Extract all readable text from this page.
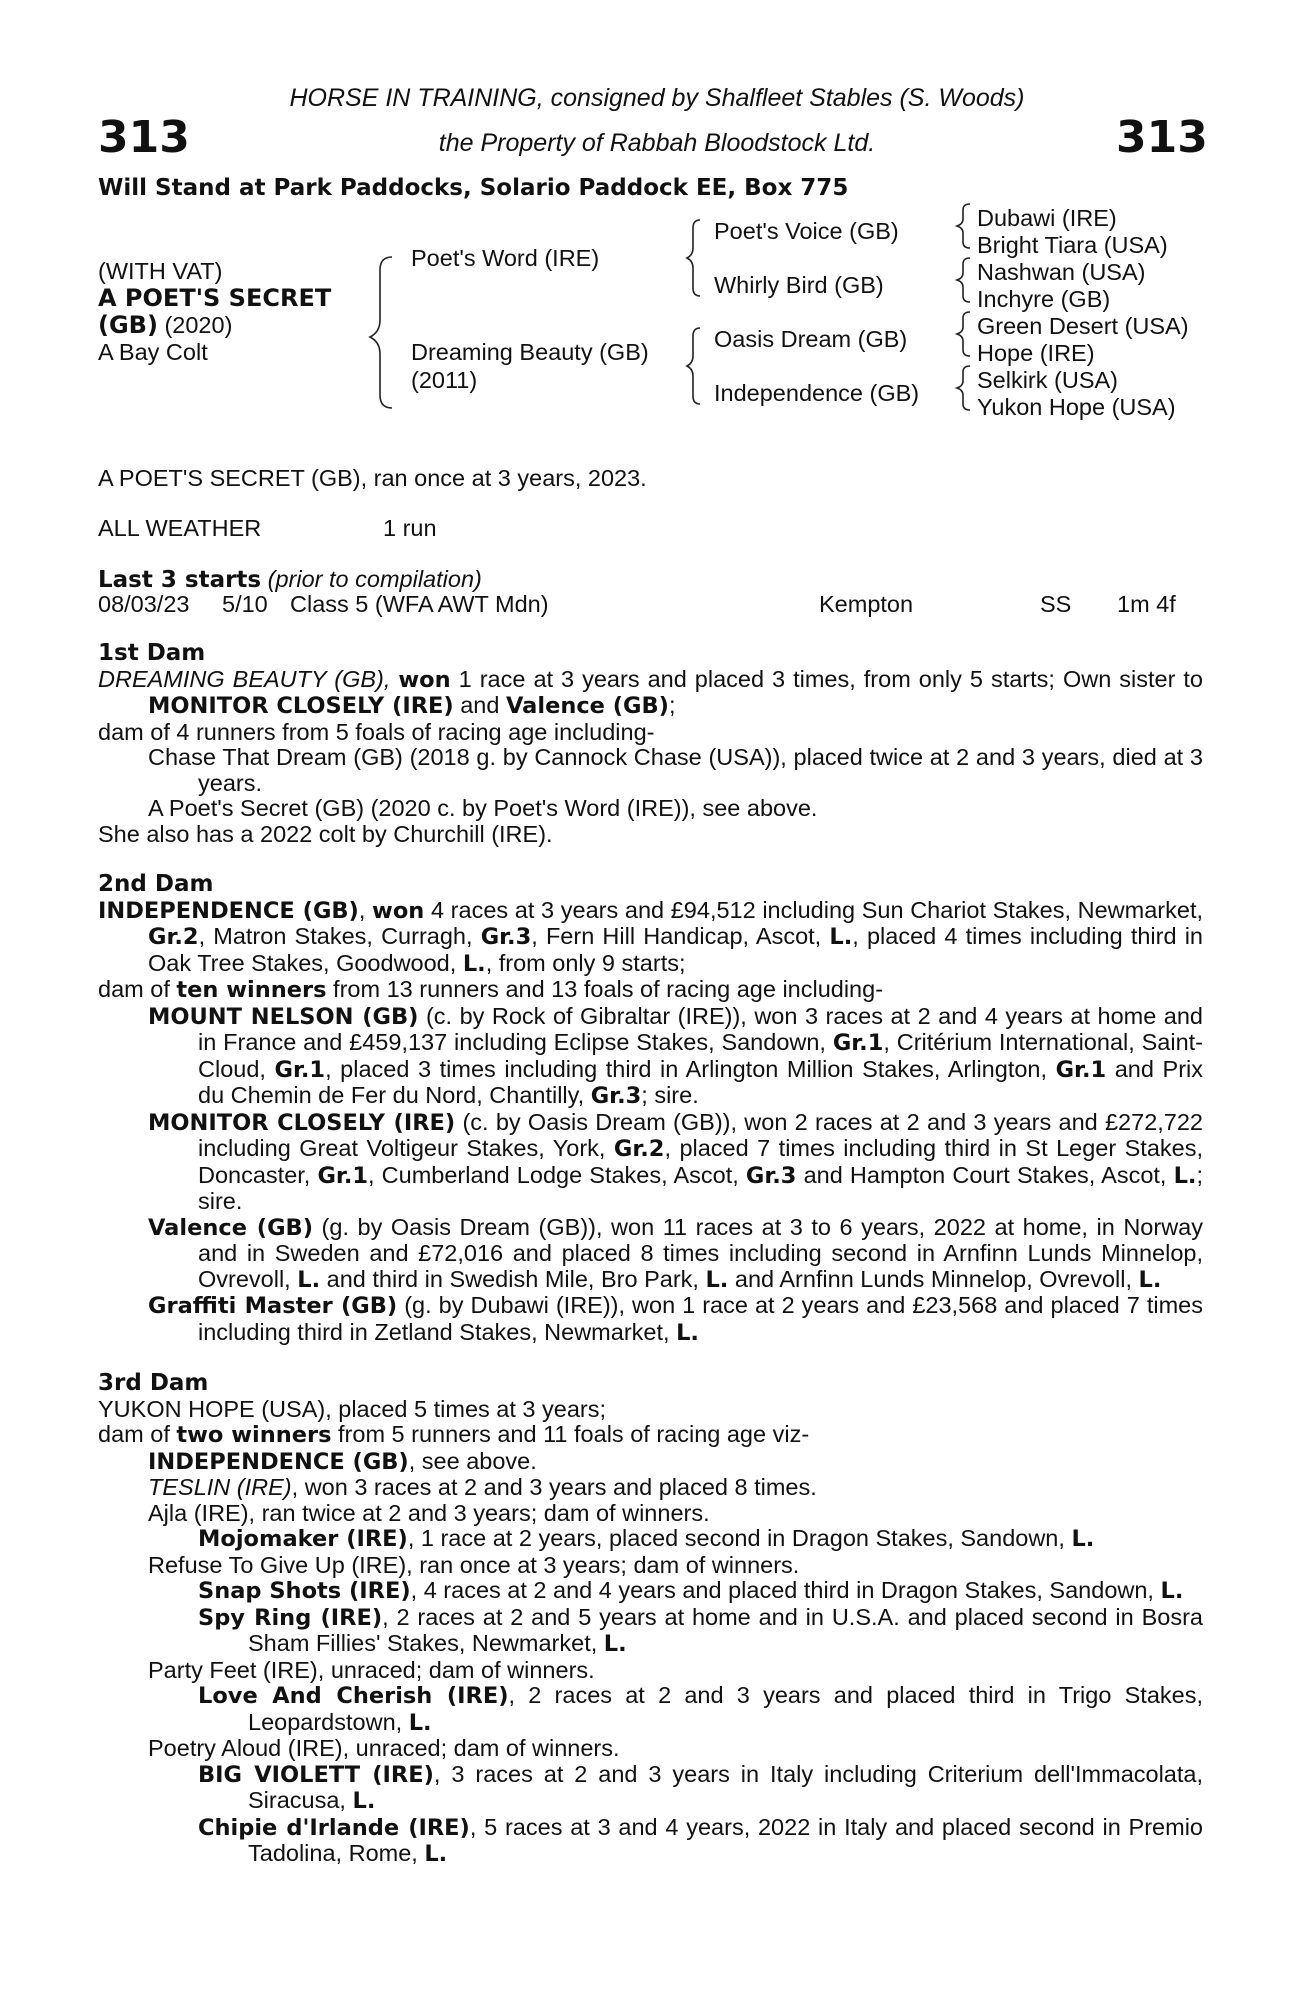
HORSE IN TRAINING, consigned by Shalfleet Stables (S. Woods)
the Property of Rabbah Bloodstock Ltd.
313	313
Will Stand at Park Paddocks, Solario Paddock EE, Box 775
(WITH VAT)
A POET'S SECRET
(GB) (2020)
A Bay Colt
Poet's Word (IRE)
Dreaming Beauty (GB)
(2011)
Poet's Voice (GB)
Whirly Bird (GB)
Oasis Dream (GB)
Independence (GB)
Dubawi (IRE)
Bright Tiara (USA)
Nashwan (USA)
Inchyre (GB)
Green Desert (USA)
Hope (IRE)
Selkirk (USA)
Yukon Hope (USA)
A POET'S SECRET (GB), ran once at 3 years, 2023.
ALL WEATHER	1 run
Last 3 starts (prior to compilation)
08/03/23 5/10 Class 5 (WFA AWT Mdn)	Kempton	SS 1m 4f
1st Dam

DREAMING BEAUTY (GB), won 1 race at 3 years and placed 3 times, from only 5 starts; Own sister to MONITOR CLOSELY (IRE) and Valence (GB);

dam of 4 runners from 5 foals of racing age including-

Chase That Dream (GB) (2018 g. by Cannock Chase (USA)), placed twice at 2 and 3 years, died at 3 years.

A Poet's Secret (GB) (2020 c. by Poet's Word (IRE)), see above.

She also has a 2022 colt by Churchill (IRE).

2nd Dam

INDEPENDENCE (GB), won 4 races at 3 years and £94,512 including Sun Chariot Stakes, Newmarket, Gr.2, Matron Stakes, Curragh, Gr.3, Fern Hill Handicap, Ascot, L., placed 4 times including third in Oak Tree Stakes, Goodwood, L., from only 9 starts;

dam of ten winners from 13 runners and 13 foals of racing age including-

MOUNT NELSON (GB) (c. by Rock of Gibraltar (IRE)), won 3 races at 2 and 4 years at home and in France and £459,137 including Eclipse Stakes, Sandown, Gr.1, Critérium International, Saint-Cloud, Gr.1, placed 3 times including third in Arlington Million Stakes, Arlington, Gr.1 and Prix du Chemin de Fer du Nord, Chantilly, Gr.3; sire.

MONITOR CLOSELY (IRE) (c. by Oasis Dream (GB)), won 2 races at 2 and 3 years and £272,722 including Great Voltigeur Stakes, York, Gr.2, placed 7 times including third in St Leger Stakes, Doncaster, Gr.1, Cumberland Lodge Stakes, Ascot, Gr.3 and Hampton Court Stakes, Ascot, L.; sire.

Valence (GB) (g. by Oasis Dream (GB)), won 11 races at 3 to 6 years, 2022 at home, in Norway and in Sweden and £72,016 and placed 8 times including second in Arnfinn Lunds Minnelop, Ovrevoll, L. and third in Swedish Mile, Bro Park, L. and Arnfinn Lunds Minnelop, Ovrevoll, L.

Graffiti Master (GB) (g. by Dubawi (IRE)), won 1 race at 2 years and £23,568 and placed 7 times including third in Zetland Stakes, Newmarket, L.

3rd Dam

YUKON HOPE (USA), placed 5 times at 3 years;

dam of two winners from 5 runners and 11 foals of racing age viz-

INDEPENDENCE (GB), see above.

TESLIN (IRE), won 3 races at 2 and 3 years and placed 8 times.

Ajla (IRE), ran twice at 2 and 3 years; dam of winners.

Mojomaker (IRE), 1 race at 2 years, placed second in Dragon Stakes, Sandown, L.

Refuse To Give Up (IRE), ran once at 3 years; dam of winners.

Snap Shots (IRE), 4 races at 2 and 4 years and placed third in Dragon Stakes, Sandown, L.

Spy Ring (IRE), 2 races at 2 and 5 years at home and in U.S.A. and placed second in Bosra Sham Fillies' Stakes, Newmarket, L.

Party Feet (IRE), unraced; dam of winners.

Love And Cherish (IRE), 2 races at 2 and 3 years and placed third in Trigo Stakes, Leopardstown, L.

Poetry Aloud (IRE), unraced; dam of winners.

BIG VIOLETT (IRE), 3 races at 2 and 3 years in Italy including Criterium dell'Immacolata, Siracusa, L.

Chipie d'Irlande (IRE), 5 races at 3 and 4 years, 2022 in Italy and placed second in Premio Tadolina, Rome, L.
